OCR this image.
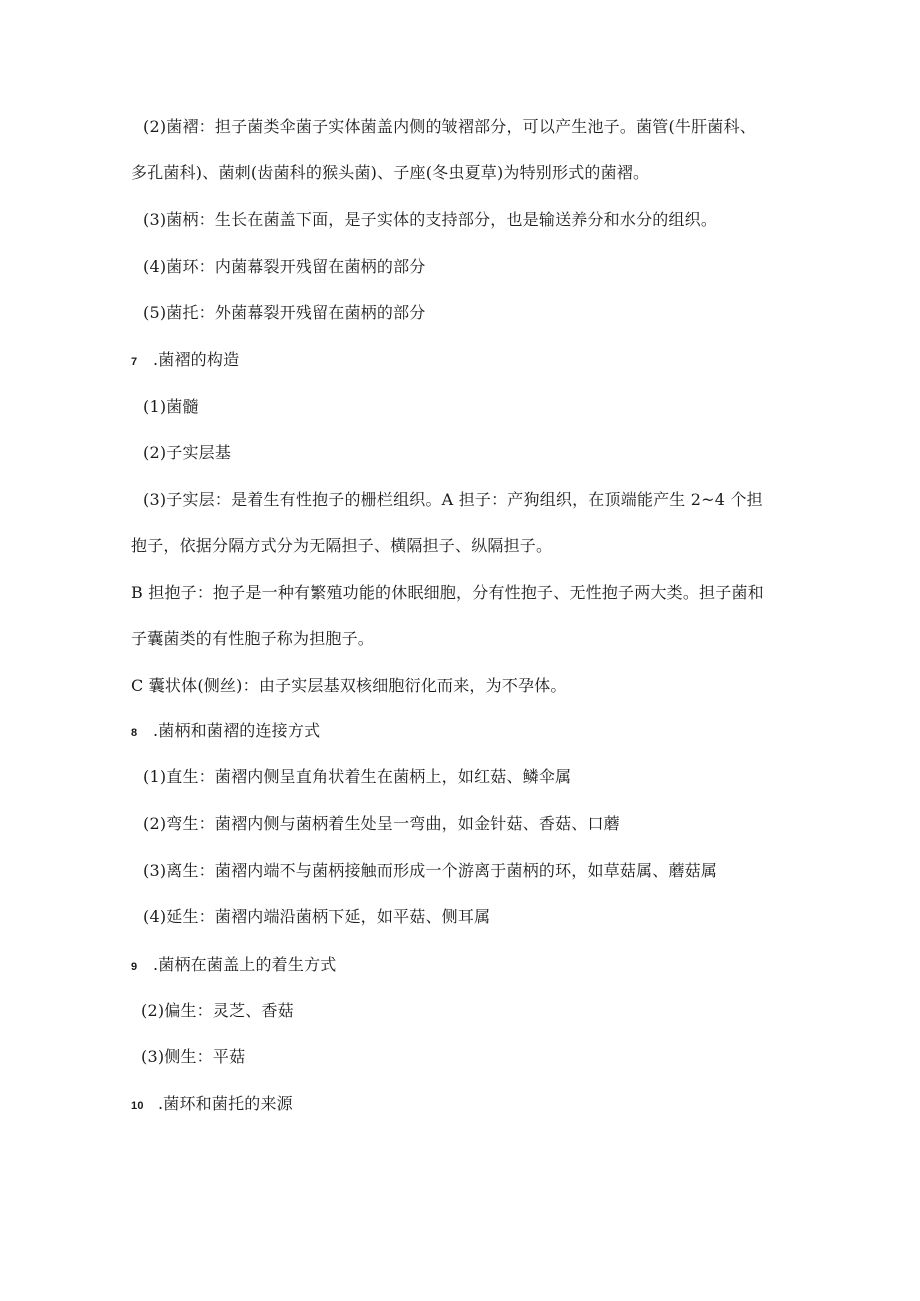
(2)菌褶：担子菌类伞菌子实体菌盖内侧的皱褶部分，可以产生池子。菌管(牛肝菌科、
多孔菌科)、菌刺(齿菌科的猴头菌)、子座(冬虫夏草)为特别形式的菌褶。
(3)菌柄：生长在菌盖下面，是子实体的支持部分，也是输送养分和水分的组织。
(4)菌环：内菌幕裂开残留在菌柄的部分
(5)菌托：外菌幕裂开残留在菌柄的部分
7 .菌褶的构造
(1)菌髓
(2)子实层基
(3)子实层：是着生有性抱子的栅栏组织。A 担子：产狗组织，在顶端能产生 2~4 个担
抱子，依据分隔方式分为无隔担子、横隔担子、纵隔担子。
B 担抱子：抱子是一种有繁殖功能的休眠细胞，分有性抱子、无性抱子两大类。担子菌和
子囊菌类的有性胞子称为担胞子。
C 囊状体(侧丝)：由子实层基双核细胞衍化而来，为不孕体。
8 .菌柄和菌褶的连接方式
(1)直生：菌褶内侧呈直角状着生在菌柄上，如红菇、鳞伞属
(2)弯生：菌褶内侧与菌柄着生处呈一弯曲，如金针菇、香菇、口蘑
(3)离生：菌褶内端不与菌柄接触而形成一个游离于菌柄的环，如草菇属、蘑菇属
(4)延生：菌褶内端沿菌柄下延，如平菇、侧耳属
9 .菌柄在菌盖上的着生方式
(2)偏生：灵芝、香菇
(3)侧生：平菇
10 .菌环和菌托的来源
